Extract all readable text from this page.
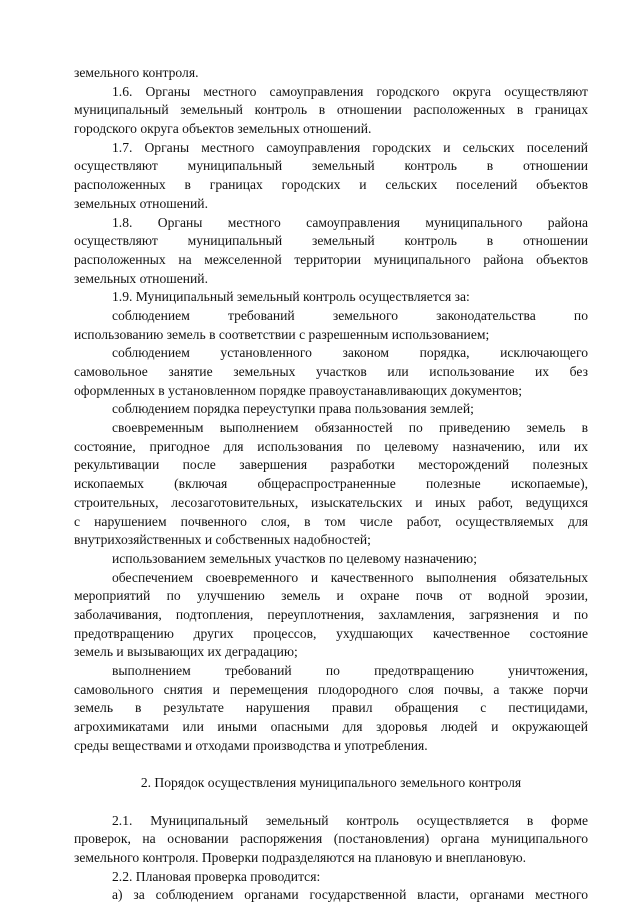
земельного контроля.
1.6. Органы местного самоуправления городского округа осуществляют
муниципальный земельный контроль в отношении расположенных в границах
городского округа объектов земельных отношений.
1.7. Органы местного самоуправления городских и сельских поселений
осуществляют муниципальный земельный контроль в отношении
расположенных в границах городских и сельских поселений объектов
земельных отношений.
1.8. Органы местного самоуправления муниципального района
осуществляют муниципальный земельный контроль в отношении
расположенных на межселенной территории муниципального района объектов
земельных отношений.
1.9. Муниципальный земельный контроль осуществляется за:
соблюдением требований земельного законодательства по
использованию земель в соответствии с разрешенным использованием;
соблюдением установленного законом порядка, исключающего
самовольное занятие земельных участков или использование их без
оформленных в установленном порядке правоустанавливающих документов;
соблюдением порядка переуступки права пользования землей;
своевременным выполнением обязанностей по приведению земель в
состояние, пригодное для использования по целевому назначению, или их
рекультивации после завершения разработки месторождений полезных
ископаемых (включая общераспространенные полезные ископаемые),
строительных, лесозаготовительных, изыскательских и иных работ, ведущихся
с нарушением почвенного слоя, в том числе работ, осуществляемых для
внутрихозяйственных и собственных надобностей;
использованием земельных участков по целевому назначению;
обеспечением своевременного и качественного выполнения обязательных
мероприятий по улучшению земель и охране почв от водной эрозии,
заболачивания, подтопления, переуплотнения, захламления, загрязнения и по
предотвращению других процессов, ухудшающих качественное состояние
земель и вызывающих их деградацию;
выполнением требований по предотвращению уничтожения,
самовольного снятия и перемещения плодородного слоя почвы, а также порчи
земель в результате нарушения правил обращения с пестицидами,
агрохимикатами или иными опасными для здоровья людей и окружающей
среды веществами и отходами производства и употребления.
2. Порядок осуществления муниципального земельного контроля
2.1. Муниципальный земельный контроль осуществляется в форме
проверок, на основании распоряжения (постановления) органа муниципального
земельного контроля. Проверки подразделяются на плановую и внеплановую.
2.2. Плановая проверка проводится:
а) за соблюдением органами государственной власти, органами местного
